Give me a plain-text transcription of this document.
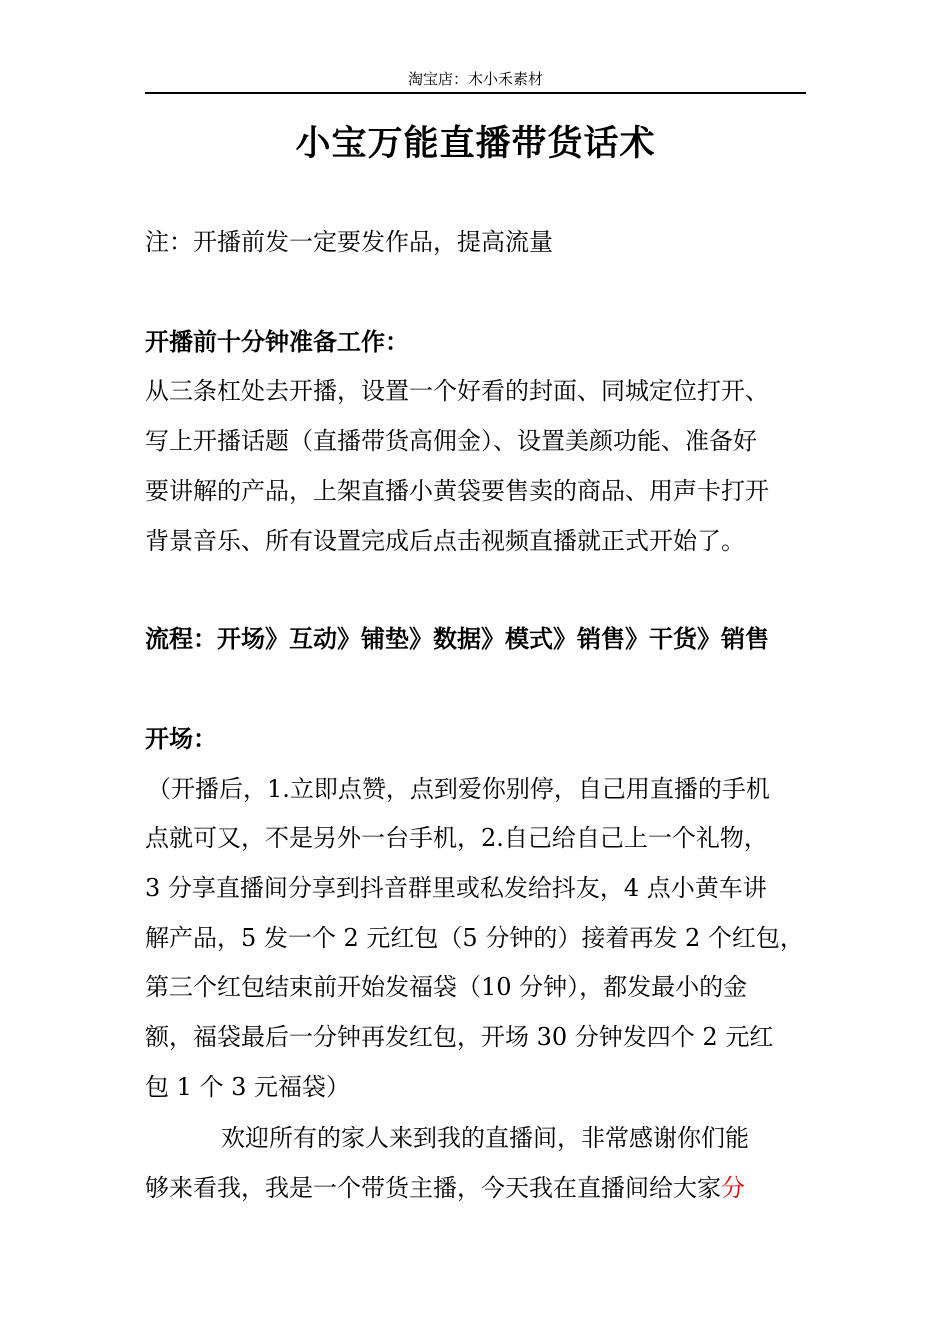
淘宝店：木小禾素材
小宝万能直播带货话术
注：开播前发一定要发作品，提高流量
开播前十分钟准备工作：
从三条杠处去开播，设置一个好看的封面、同城定位打开、
写上开播话题（直播带货高佣金）、设置美颜功能、准备好
要讲解的产品，上架直播小黄袋要售卖的商品、用声卡打开
背景音乐、所有设置完成后点击视频直播就正式开始了。
流程：开场》互动》铺垫》数据》模式》销售》干货》销售
开场：
（开播后，1.立即点赞，点到爱你别停，自己用直播的手机
点就可又，不是另外一台手机，2.自己给自己上一个礼物，
3 分享直播间分享到抖音群里或私发给抖友，4 点小黄车讲
解产品，5 发一个 2 元红包（5 分钟的）接着再发 2 个红包，
第三个红包结束前开始发福袋（10 分钟），都发最小的金
额，福袋最后一分钟再发红包，开场 30 分钟发四个 2 元红
包 1 个 3 元福袋）
欢迎所有的家人来到我的直播间，非常感谢你们能
够来看我，我是一个带货主播，今天我在直播间给大家分
